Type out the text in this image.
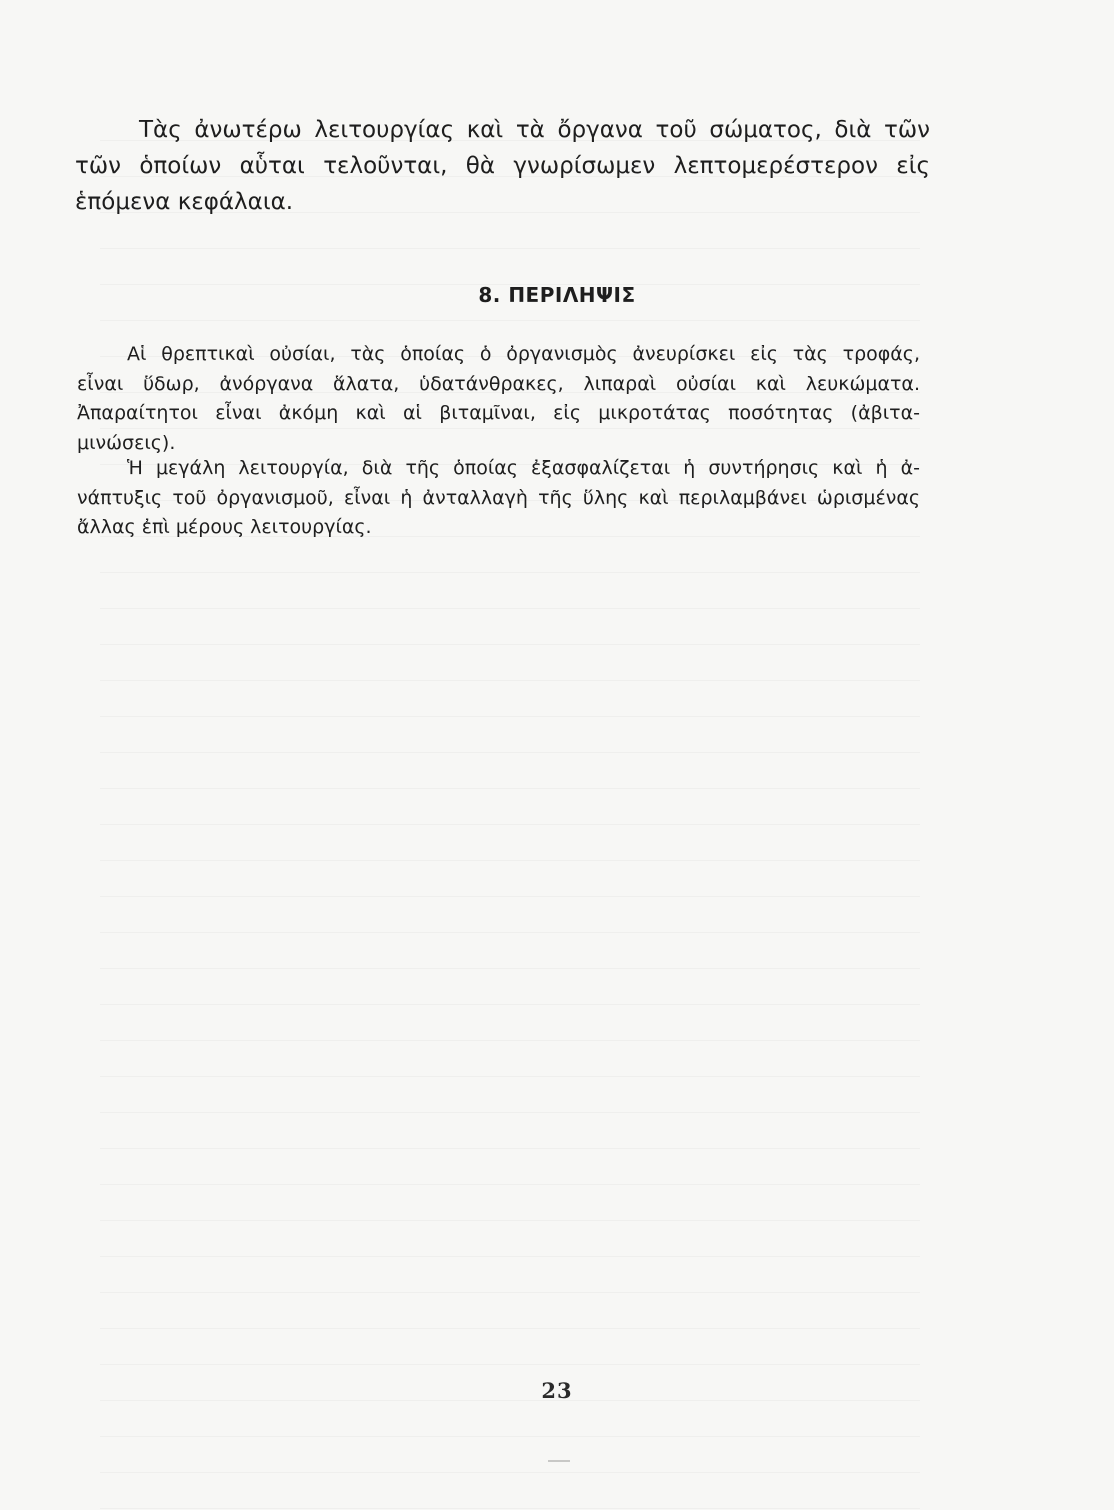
Τὰς ἀνωτέρω λειτουργίας καὶ τὰ ὄργανα τοῦ σώματος, διὰ τῶν
τῶν ὁποίων αὗται τελοῦνται, θὰ γνωρίσωμεν λεπτομερέστερον εἰς
ἑπόμενα κεφάλαια.

8. ΠΕΡΙΛΗΨΙΣ

Αἱ θρεπτικαὶ οὐσίαι, τὰς ὁποίας ὁ ὀργανισμὸς ἀνευρίσκει εἰς τὰς τροφάς,
εἶναι ὕδωρ, ἀνόργανα ἅλατα, ὑδατάνθρακες, λιπαραὶ οὐσίαι καὶ λευκώματα.
Ἀπαραίτητοι εἶναι ἀκόμη καὶ αἱ βιταμῖναι, εἰς μικροτάτας ποσότητας (ἀβιτα-
μινώσεις).

Ἡ μεγάλη λειτουργία, διὰ τῆς ὁποίας ἐξασφαλίζεται ἡ συντήρησις καὶ ἡ ἀ-
νάπτυξις τοῦ ὀργανισμοῦ, εἶναι ἡ ἀνταλλαγὴ τῆς ὕλης καὶ περιλαμβάνει ὡρισμένας
ἄλλας ἐπὶ μέρους λειτουργίας.

23
